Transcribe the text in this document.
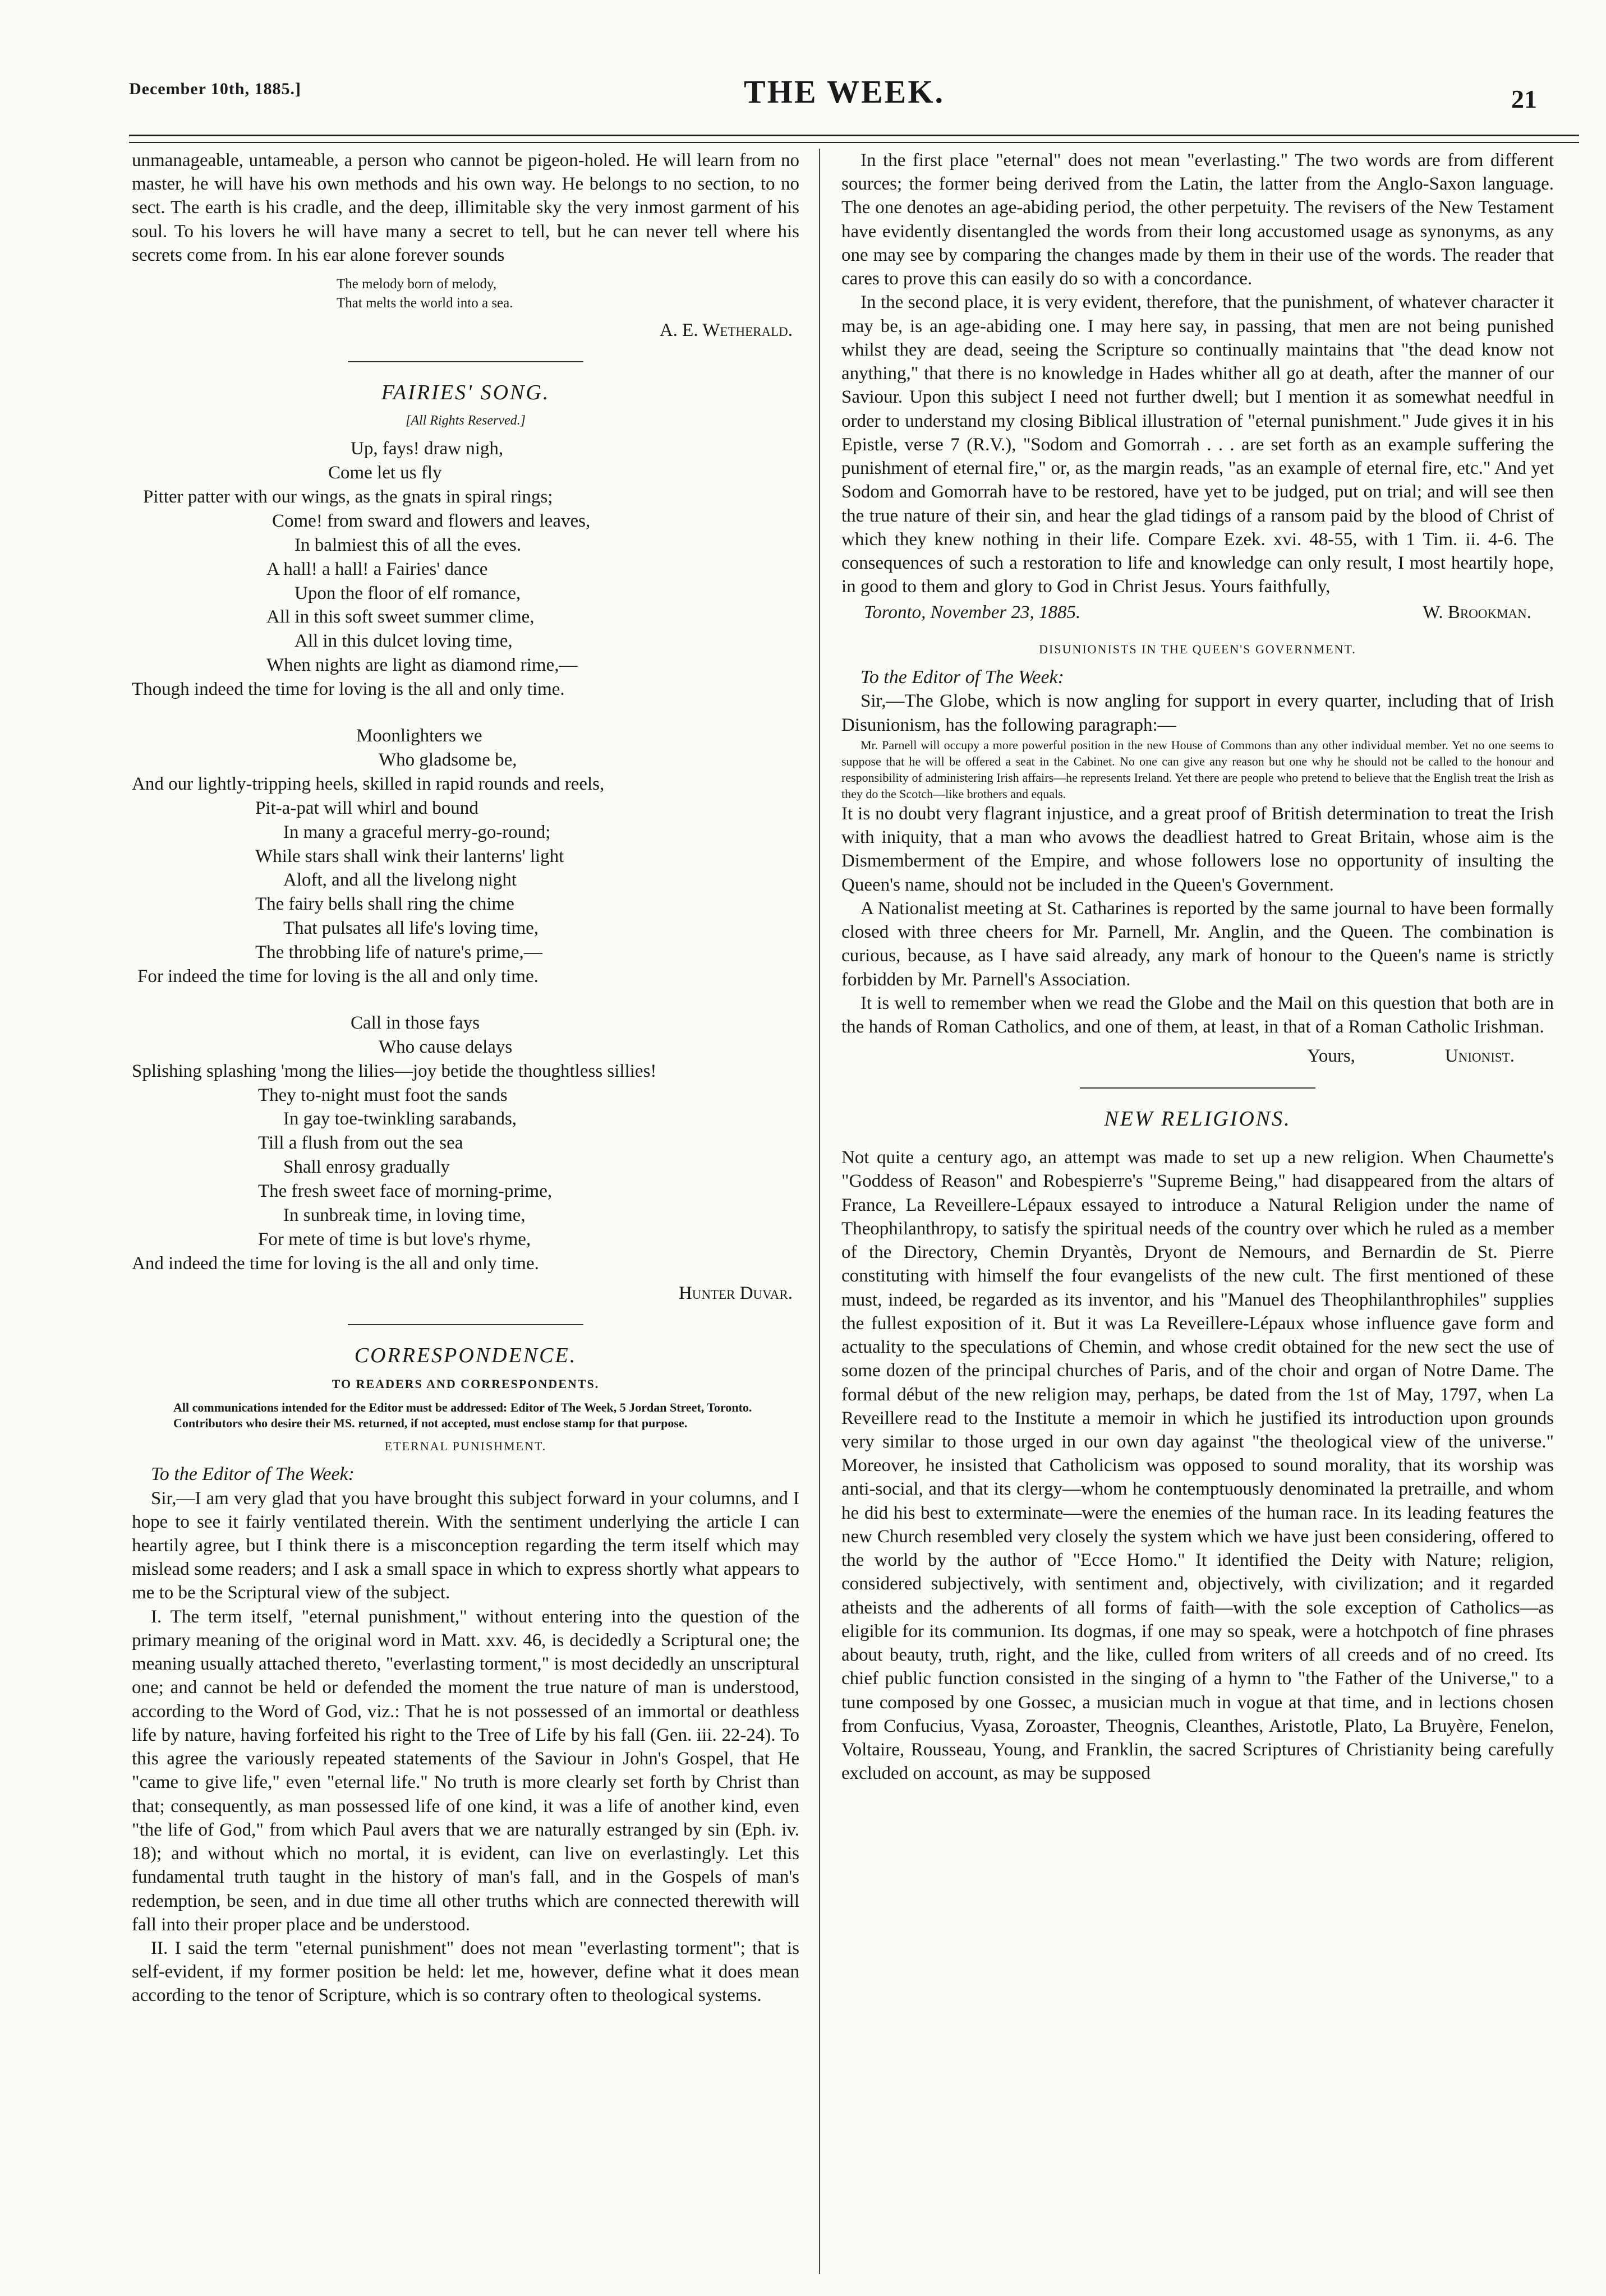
December 10th, 1885.]	THE WEEK.	21

unmanageable, untameable, a person who cannot be pigeon-holed. He will learn from no master, he will have his own methods and his own way. He belongs to no section, to no sect. The earth is his cradle, and the deep, illimitable sky the very inmost garment of his soul. To his lovers he will have many a secret to tell, but he can never tell where his secrets come from. In his ear alone forever sounds

The melody born of melody,
That melts the world into a sea.
A. E. Wetherald.
FAIRIES' SONG.
[All Rights Reserved.]
Up, fays! draw nigh,
Come let us fly
Pitter patter with our wings, as the gnats in spiral rings;
Come! from sward and flowers and leaves,
In balmiest this of all the eves.
A hall! a hall! a Fairies' dance
Upon the floor of elf romance,
All in this soft sweet summer clime,
All in this dulcet loving time,
When nights are light as diamond rime,—
Though indeed the time for loving is the all and only time.
Moonlighters we
Who gladsome be,
And our lightly-tripping heels, skilled in rapid rounds and reels,
Pit-a-pat will whirl and bound
In many a graceful merry-go-round;
While stars shall wink their lanterns' light
Aloft, and all the livelong night
The fairy bells shall ring the chime
That pulsates all life's loving time,
The throbbing life of nature's prime,—
For indeed the time for loving is the all and only time.
Call in those fays
Who cause delays
Splishing splashing 'mong the lilies—joy betide the thoughtless sillies!
They to-night must foot the sands
In gay toe-twinkling sarabands,
Till a flush from out the sea
Shall enrosy gradually
The fresh sweet face of morning-prime,
In sunbreak time, in loving time,
For mete of time is but love's rhyme,
And indeed the time for loving is the all and only time.
Hunter Duvar.
CORRESPONDENCE.
TO READERS AND CORRESPONDENTS.

All communications intended for the Editor must be addressed: Editor of The Week, 5 Jordan Street, Toronto.

Contributors who desire their MS. returned, if not accepted, must enclose stamp for that purpose.

ETERNAL PUNISHMENT.

To the Editor of The Week:

Sir,—I am very glad that you have brought this subject forward in your columns, and I hope to see it fairly ventilated therein. With the sentiment underlying the article I can heartily agree, but I think there is a misconception regarding the term itself which may mislead some readers; and I ask a small space in which to express shortly what appears to me to be the Scriptural view of the subject.

I. The term itself, "eternal punishment," without entering into the question of the primary meaning of the original word in Matt. xxv. 46, is decidedly a Scriptural one; the meaning usually attached thereto, "everlasting torment," is most decidedly an unscriptural one; and cannot be held or defended the moment the true nature of man is understood, according to the Word of God, viz.: That he is not possessed of an immortal or deathless life by nature, having forfeited his right to the Tree of Life by his fall (Gen. iii. 22-24). To this agree the variously repeated statements of the Saviour in John's Gospel, that He "came to give life," even "eternal life." No truth is more clearly set forth by Christ than that; consequently, as man possessed life of one kind, it was a life of another kind, even "the life of God," from which Paul avers that we are naturally estranged by sin (Eph. iv. 18); and without which no mortal, it is evident, can live on everlastingly. Let this fundamental truth taught in the history of man's fall, and in the Gospels of man's redemption, be seen, and in due time all other truths which are connected therewith will fall into their proper place and be understood.

II. I said the term "eternal punishment" does not mean "everlasting torment"; that is self-evident, if my former position be held: let me, however, define what it does mean according to the tenor of Scripture, which is so contrary often to theological systems.

In the first place "eternal" does not mean "everlasting." The two words are from different sources; the former being derived from the Latin, the latter from the Anglo-Saxon language. The one denotes an age-abiding period, the other perpetuity. The revisers of the New Testament have evidently disentangled the words from their long accustomed usage as synonyms, as any one may see by comparing the changes made by them in their use of the words. The reader that cares to prove this can easily do so with a concordance.

In the second place, it is very evident, therefore, that the punishment, of whatever character it may be, is an age-abiding one. I may here say, in passing, that men are not being punished whilst they are dead, seeing the Scripture so continually maintains that "the dead know not anything," that there is no knowledge in Hades whither all go at death, after the manner of our Saviour. Upon this subject I need not further dwell; but I mention it as somewhat needful in order to understand my closing Biblical illustration of "eternal punishment." Jude gives it in his Epistle, verse 7 (R.V.), "Sodom and Gomorrah . . . are set forth as an example suffering the punishment of eternal fire," or, as the margin reads, "as an example of eternal fire, etc." And yet Sodom and Gomorrah have to be restored, have yet to be judged, put on trial; and will see then the true nature of their sin, and hear the glad tidings of a ransom paid by the blood of Christ of which they knew nothing in their life. Compare Ezek. xvi. 48-55, with 1 Tim. ii. 4-6. The consequences of such a restoration to life and knowledge can only result, I most heartily hope, in good to them and glory to God in Christ Jesus. Yours faithfully,

Toronto, November 23, 1885.	W. Brookman.
DISUNIONISTS IN THE QUEEN'S GOVERNMENT.

To the Editor of The Week:

Sir,—The Globe, which is now angling for support in every quarter, including that of Irish Disunionism, has the following paragraph:—

Mr. Parnell will occupy a more powerful position in the new House of Commons than any other individual member. Yet no one seems to suppose that he will be offered a seat in the Cabinet. No one can give any reason but one why he should not be called to the honour and responsibility of administering Irish affairs—he represents Ireland. Yet there are people who pretend to believe that the English treat the Irish as they do the Scotch—like brothers and equals.

It is no doubt very flagrant injustice, and a great proof of British determination to treat the Irish with iniquity, that a man who avows the deadliest hatred to Great Britain, whose aim is the Dismemberment of the Empire, and whose followers lose no opportunity of insulting the Queen's name, should not be included in the Queen's Government.

A Nationalist meeting at St. Catharines is reported by the same journal to have been formally closed with three cheers for Mr. Parnell, Mr. Anglin, and the Queen. The combination is curious, because, as I have said already, any mark of honour to the Queen's name is strictly forbidden by Mr. Parnell's Association.

It is well to remember when we read the Globe and the Mail on this question that both are in the hands of Roman Catholics, and one of them, at least, in that of a Roman Catholic Irishman.

Yours,	Unionist.
NEW RELIGIONS.

Not quite a century ago, an attempt was made to set up a new religion. When Chaumette's "Goddess of Reason" and Robespierre's "Supreme Being," had disappeared from the altars of France, La Reveillere-Lépaux essayed to introduce a Natural Religion under the name of Theophilanthropy, to satisfy the spiritual needs of the country over which he ruled as a member of the Directory, Chemin Dryantès, Dryont de Nemours, and Bernardin de St. Pierre constituting with himself the four evangelists of the new cult. The first mentioned of these must, indeed, be regarded as its inventor, and his "Manuel des Theophilanthrophiles" supplies the fullest exposition of it. But it was La Reveillere-Lépaux whose influence gave form and actuality to the speculations of Chemin, and whose credit obtained for the new sect the use of some dozen of the principal churches of Paris, and of the choir and organ of Notre Dame. The formal début of the new religion may, perhaps, be dated from the 1st of May, 1797, when La Reveillere read to the Institute a memoir in which he justified its introduction upon grounds very similar to those urged in our own day against "the theological view of the universe." Moreover, he insisted that Catholicism was opposed to sound morality, that its worship was anti-social, and that its clergy—whom he contemptuously denominated la pretraille, and whom he did his best to exterminate—were the enemies of the human race. In its leading features the new Church resembled very closely the system which we have just been considering, offered to the world by the author of "Ecce Homo." It identified the Deity with Nature; religion, considered subjectively, with sentiment and, objectively, with civilization; and it regarded atheists and the adherents of all forms of faith—with the sole exception of Catholics—as eligible for its communion. Its dogmas, if one may so speak, were a hotchpotch of fine phrases about beauty, truth, right, and the like, culled from writers of all creeds and of no creed. Its chief public function consisted in the singing of a hymn to "the Father of the Universe," to a tune composed by one Gossec, a musician much in vogue at that time, and in lections chosen from Confucius, Vyasa, Zoroaster, Theognis, Cleanthes, Aristotle, Plato, La Bruyère, Fenelon, Voltaire, Rousseau, Young, and Franklin, the sacred Scriptures of Christianity being carefully excluded on account, as may be supposed
